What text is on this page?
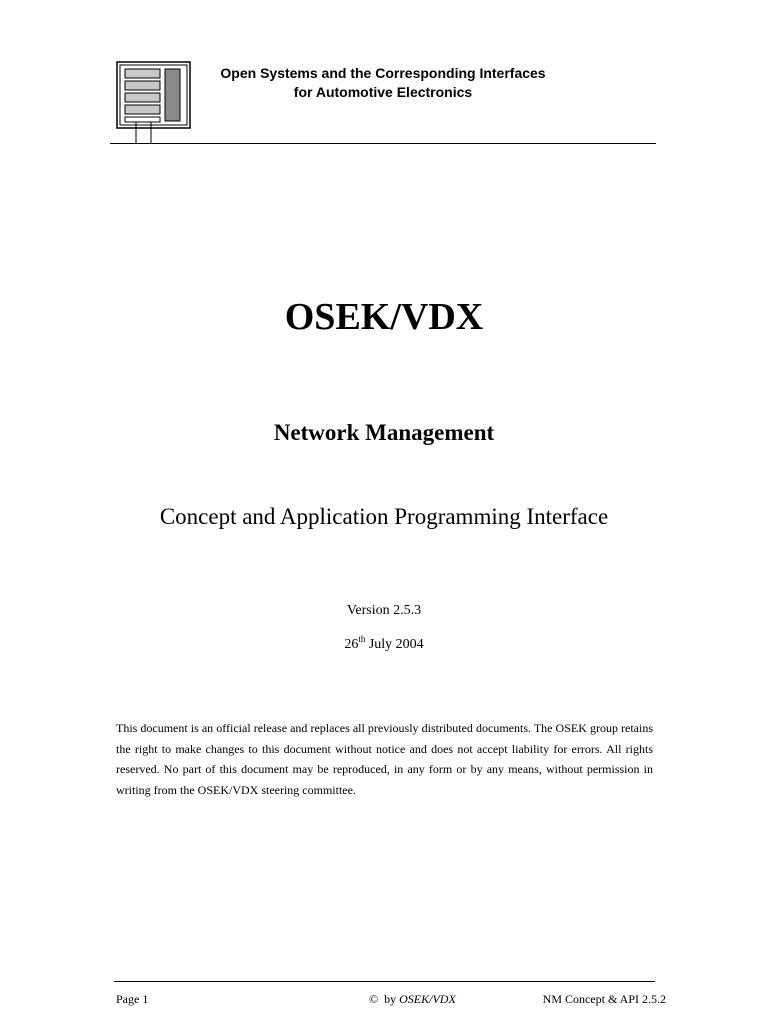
Open Systems and the Corresponding Interfaces
for Automotive Electronics
OSEK/VDX
Network Management
Concept and Application Programming Interface
Version 2.5.3
26th July 2004

This document is an official release and replaces all previously distributed documents. The OSEK group retains the right to make changes to this document without notice and does not accept liability for errors. All rights reserved. No part of this document may be reproduced, in any form or by any means, without permission in writing from the OSEK/VDX steering committee.

Page 1	©  by OSEK/VDX	NM Concept & API 2.5.2
